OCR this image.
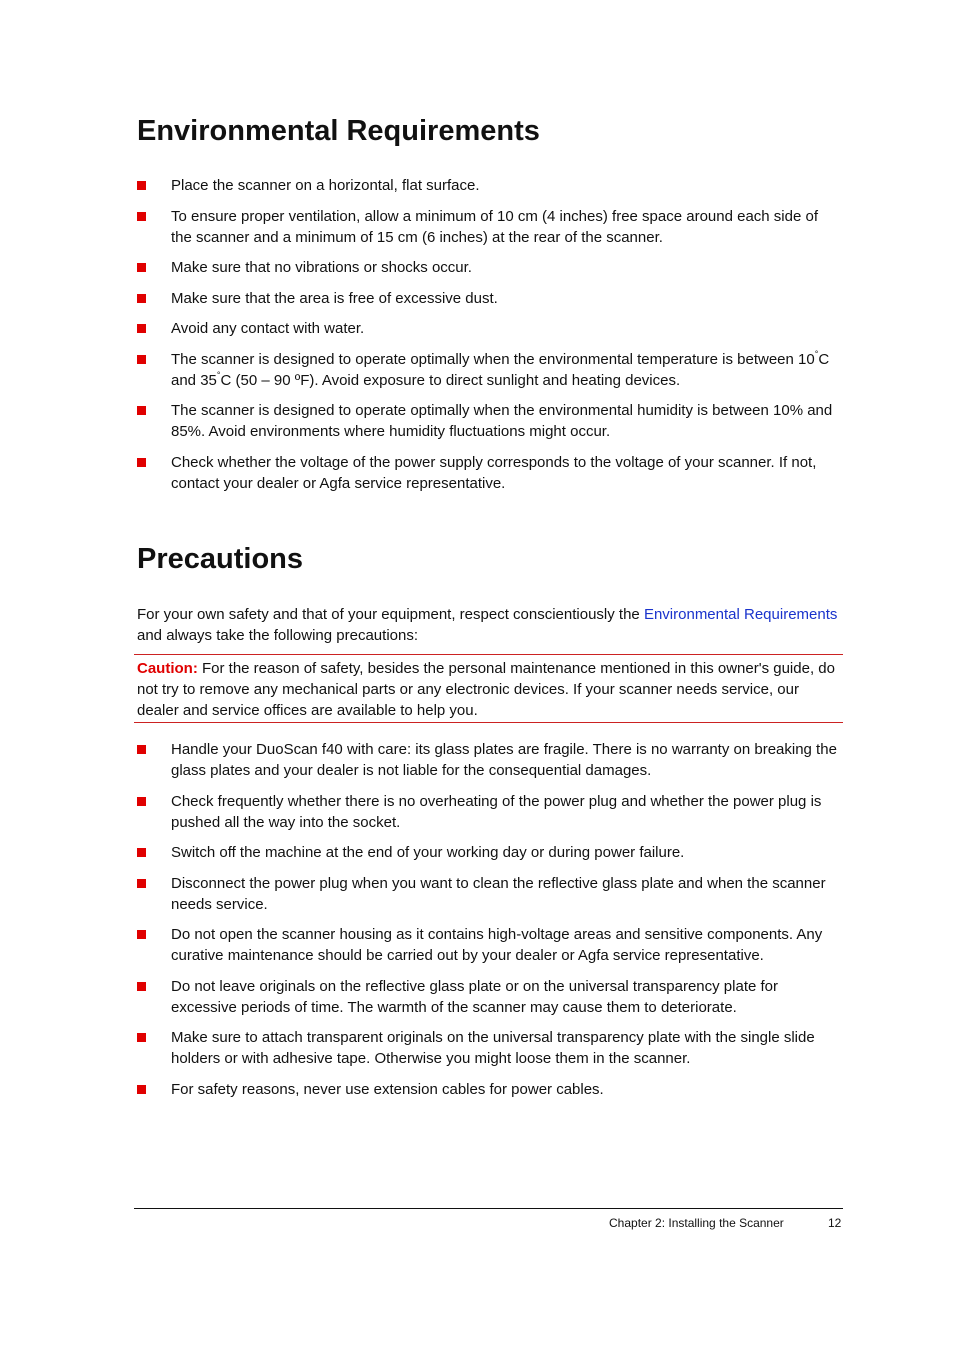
Environmental Requirements
Place the scanner on a horizontal, flat surface.
To ensure proper ventilation, allow a minimum of 10 cm (4 inches) free space around each side of the scanner and a minimum of 15 cm (6 inches) at the rear of the scanner.
Make sure that no vibrations or shocks occur.
Make sure that the area is free of excessive dust.
Avoid any contact with water.
The scanner is designed to operate optimally when the environmental temperature is between 10°C and 35°C (50 – 90 ºF). Avoid exposure to direct sunlight and heating devices.
The scanner is designed to operate optimally when the environmental humidity is between 10% and 85%. Avoid environments where humidity fluctuations might occur.
Check whether the voltage of the power supply corresponds to the voltage of your scanner. If not, contact your dealer or Agfa service representative.
Precautions

For your own safety and that of your equipment, respect conscientiously the Environmental Requirements and always take the following precautions:

Caution: For the reason of safety, besides the personal maintenance mentioned in this owner's guide, do not try to remove any mechanical parts or any electronic devices. If your scanner needs service, our dealer and service offices are available to help you.

Handle your DuoScan f40 with care: its glass plates are fragile. There is no warranty on breaking the glass plates and your dealer is not liable for the consequential damages.
Check frequently whether there is no overheating of the power plug and whether the power plug is pushed all the way into the socket.
Switch off the machine at the end of your working day or during power failure.
Disconnect the power plug when you want to clean the reflective glass plate and when the scanner needs service.
Do not open the scanner housing as it contains high-voltage areas and sensitive components. Any curative maintenance should be carried out by your dealer or Agfa service representative.
Do not leave originals on the reflective glass plate or on the universal transparency plate for excessive periods of time. The warmth of the scanner may cause them to deteriorate.
Make sure to attach transparent originals on the universal transparency plate with the single slide holders or with adhesive tape. Otherwise you might loose them in the scanner.
For safety reasons, never use extension cables for power cables.
Chapter 2: Installing the Scanner	12
